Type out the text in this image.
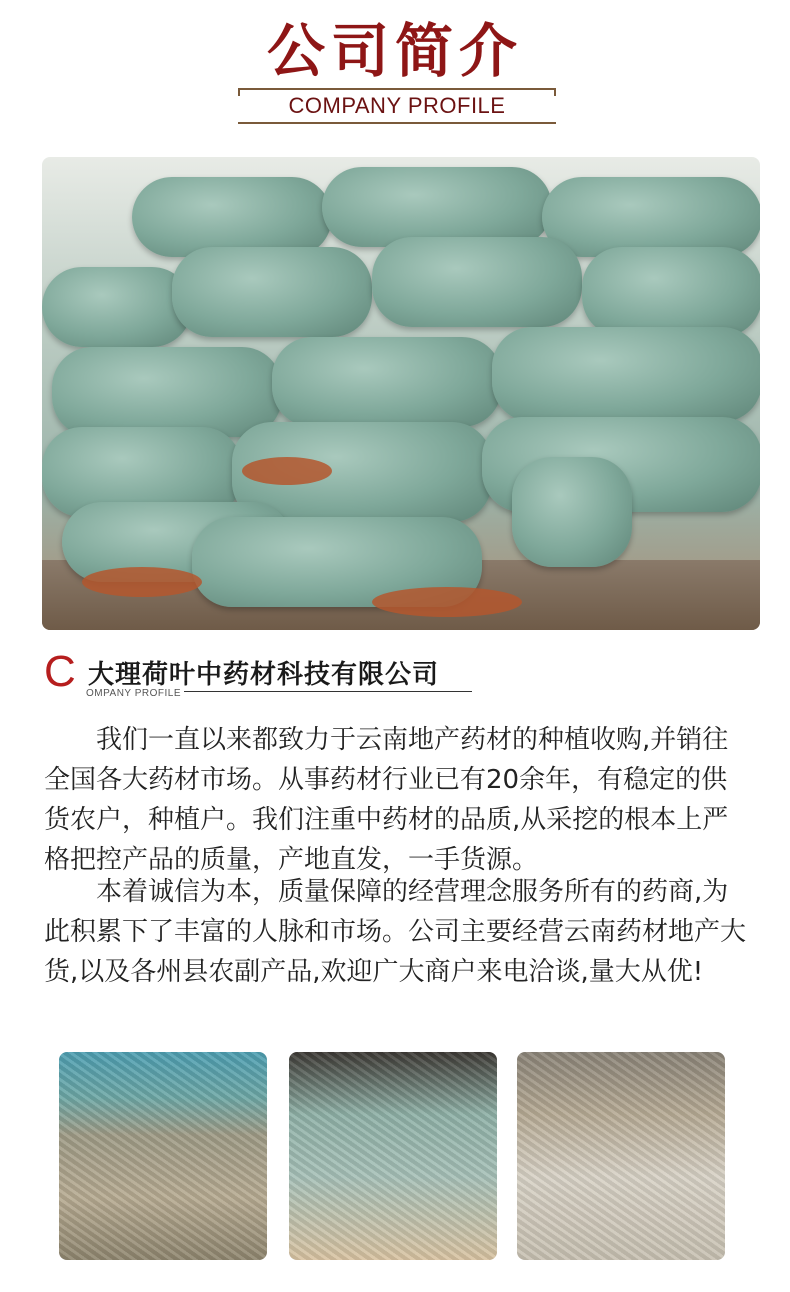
公司简介
COMPANY PROFILE
C 大理荷叶中药材科技有限公司
OMPANY PROFILE

我们一直以来都致力于云南地产药材的种植收购,并销往全国各大药材市场。从事药材行业已有20余年，有稳定的供货农户，种植户。我们注重中药材的品质,从采挖的根本上严格把控产品的质量，产地直发，一手货源。

本着诚信为本，质量保障的经营理念服务所有的药商,为此积累下了丰富的人脉和市场。公司主要经营云南药材地产大货,以及各州县农副产品,欢迎广大商户来电洽谈,量大从优!
